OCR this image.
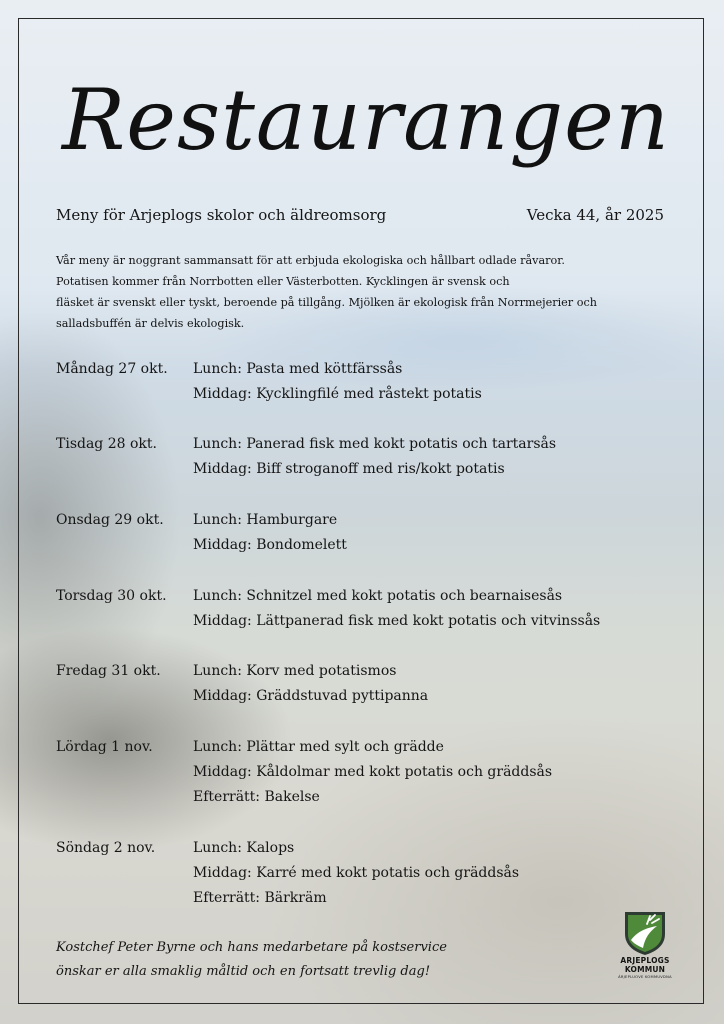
Restaurangen
Meny för Arjeplogs skolor och äldreomsorg	Vecka 44, år 2025

Vår meny är noggrant sammansatt för att erbjuda ekologiska och hållbart odlade råvaror.

Potatisen kommer från Norrbotten eller Västerbotten. Kycklingen är svensk och

fläsket är svenskt eller tyskt, beroende på tillgång. Mjölken är ekologisk från Norrmejerier och

salladsbuffén är delvis ekologisk.

Måndag 27 okt. Lunch: Pasta med köttfärssås
Middag: Kycklingfilé med råstekt potatis
Tisdag 28 okt.	Lunch: Panerad fisk med kokt potatis och tartarsås
Middag: Biff stroganoff med ris/kokt potatis
Onsdag 29 okt. Lunch: Hamburgare
Middag: Bondomelett
Torsdag 30 okt. Lunch: Schnitzel med kokt potatis och bearnaisesås
Middag: Lättpanerad fisk med kokt potatis och vitvinssås
Fredag 31 okt. Lunch: Korv med potatismos
Middag: Gräddstuvad pyttipanna
Lördag 1 nov.	Lunch: Plättar med sylt och grädde
Middag: Kåldolmar med kokt potatis och gräddsås
Efterrätt: Bakelse
Söndag 2 nov.	Lunch: Kalops
Middag: Karré med kokt potatis och gräddsås
Efterrätt: Bärkräm

Kostchef Peter Byrne och hans medarbetare på kostservice

önskar er alla smaklig måltid och en fortsatt trevlig dag!

ARJEPLOGS
KOMMUN
ÁRJEPLUOVE KOMMUVDNA
